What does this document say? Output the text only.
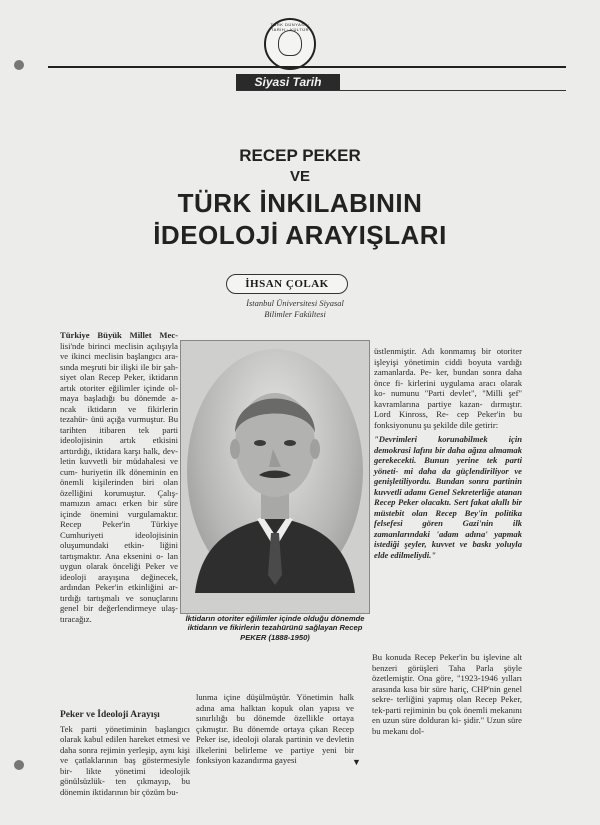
TÜRK DÜNYASI · TARİH · KÜLTÜR
Siyasi Tarih
RECEP PEKER
VE
TÜRK İNKILABININ
İDEOLOJİ ARAYIŞLARI
İHSAN ÇOLAK
İstanbul Üniversitesi Siyasal
Bilimler Fakültesi

Türkiye Büyük Millet Mec- lisi'nde birinci meclisin açılışıyla ve ikinci meclisin başlangıcı ara- sında meşruti bir ilişki ile bir şah- siyet olan Recep Peker, iktidarın artık otoriter eğilimler içinde ol- maya başladığı bu dönemde a- ncak iktidarın ve fikirlerin tezahür- ünü açığa vurmuştur. Bu tarihten itibaren tek parti ideolojisinin artık etkisini arttırdığı, iktidara karşı halk, dev- letin kuvvetli bir müdahalesi ve cum- huriyetin ilk döneminin en önemli kişilerinden biri olan özelliğini korumuştur. Çalış- mamızın amacı erken bir süre içinde önemini vurgulamaktır. Recep Peker'in Türkiye Cumhuriyeti ideolojisinin oluşumundaki etkin- liğini tartışmaktır. Ana eksenini o- lan uygun olarak önceliği Peker ve ideoloji arayışına değinecek, ardından Peker'in etkinliğini ar- tırdığı tartışmalı ve sonuçlarını genel bir değerlendirmeye ulaş- tıracağız.	İktidarın otoriter eğilimler içinde olduğu dönemde iktidarın ve fikirlerin tezahürünü sağlayan Recep PEKER (1888-1950)

üstlenmiştir. Adı konmamış bir otoriter işleyişi yönetimin ciddi boyuta vardığı zamanlarda. Pe- ker, bundan sonra daha önce fi- kirlerini uygulama aracı olarak ko- numunu "Parti devlet", "Milli şef" kavramlarına partiye kazan- dırmıştır. Lord Kinross, Re- cep Peker'in bu fonksiyonunu şu şekilde dile getirir:

"Devrimleri korunabilmek için demokrasi lafını bir daha ağıza almamak gerekecekti. Bunun yerine tek parti yöneti- mi daha da güçlendiriliyor ve genişletiliyordu. Bundan sonra partinin kuvvetli adamı Genel Sekreterliğe atanan Recep Peker olacaktı. Sert fakat akıllı bir müstebit olan Recep Bey'in politika felsefesi gören Gazi'nin ilk zamanlarındaki 'adam adına' yapmak istediği şeyler, kuvvet ve baskı yoluyla elde edilmeliydi."

Peker ve İdeoloji Arayışı

Tek parti yönetiminin başlangıcı olarak kabul edilen hareket etmesi ve daha sonra rejimin yerleşip, aynı kişi ve çatlaklarının baş göstermesiyle bir- likte yönetimi ideolojik gönülsüzlük- ten çıkmayıp, bu dönemin iktidarının bir çözüm bu-

lunma içine düşülmüştür. Yönetimin halk adına ama halktan kopuk olan yapısı ve sınırlılığı bu dönemde özellikle ortaya çıkmıştır. Bu dönemde ortaya çıkan Recep Peker ise, ideoloji olarak partinin ve devletin ilkelerini belirleme ve partiye yeni bir fonksiyon kazandırma gayesi	▼

Bu konuda Recep Peker'in bu işlevine alt benzeri görüşleri Taha Parla şöyle özetlemiştir. Ona göre, "1923-1946 yılları arasında kısa bir süre hariç, CHP'nin genel sekre- terliğini yapmış olan Recep Peker, tek-parti rejiminin bu çok önemli mekanını en uzun süre dolduran ki- şidir." Uzun süre bu mekanı dol-
